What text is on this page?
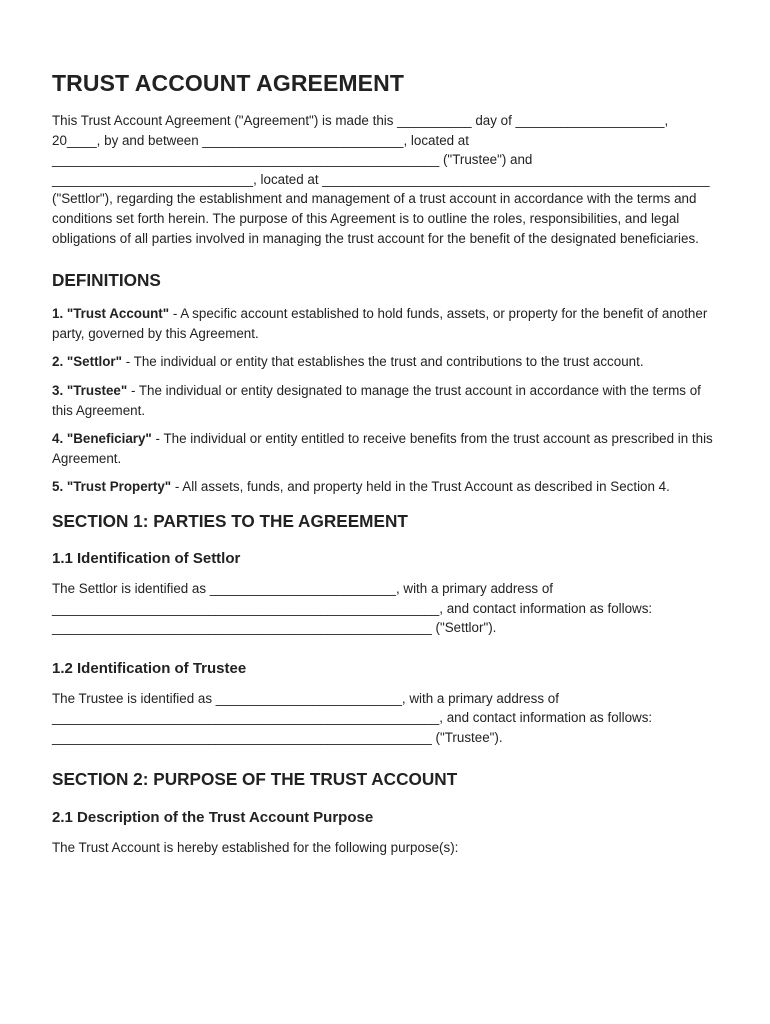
TRUST ACCOUNT AGREEMENT

This Trust Account Agreement ("Agreement") is made this __________ day of ____________________, 20____, by and between ___________________________, located at ____________________________________________________ ("Trustee") and ___________________________, located at ____________________________________________________ ("Settlor"), regarding the establishment and management of a trust account in accordance with the terms and conditions set forth herein. The purpose of this Agreement is to outline the roles, responsibilities, and legal obligations of all parties involved in managing the trust account for the benefit of the designated beneficiaries.

DEFINITIONS

1. "Trust Account" - A specific account established to hold funds, assets, or property for the benefit of another party, governed by this Agreement.

2. "Settlor" - The individual or entity that establishes the trust and contributions to the trust account.

3. "Trustee" - The individual or entity designated to manage the trust account in accordance with the terms of this Agreement.

4. "Beneficiary" - The individual or entity entitled to receive benefits from the trust account as prescribed in this Agreement.

5. "Trust Property" - All assets, funds, and property held in the Trust Account as described in Section 4.

SECTION 1: PARTIES TO THE AGREEMENT
1.1 Identification of Settlor

The Settlor is identified as _________________________, with a primary address of ____________________________________________________, and contact information as follows: ___________________________________________________ ("Settlor").

1.2 Identification of Trustee

The Trustee is identified as _________________________, with a primary address of ____________________________________________________, and contact information as follows: ___________________________________________________ ("Trustee").

SECTION 2: PURPOSE OF THE TRUST ACCOUNT
2.1 Description of the Trust Account Purpose

The Trust Account is hereby established for the following purpose(s):
